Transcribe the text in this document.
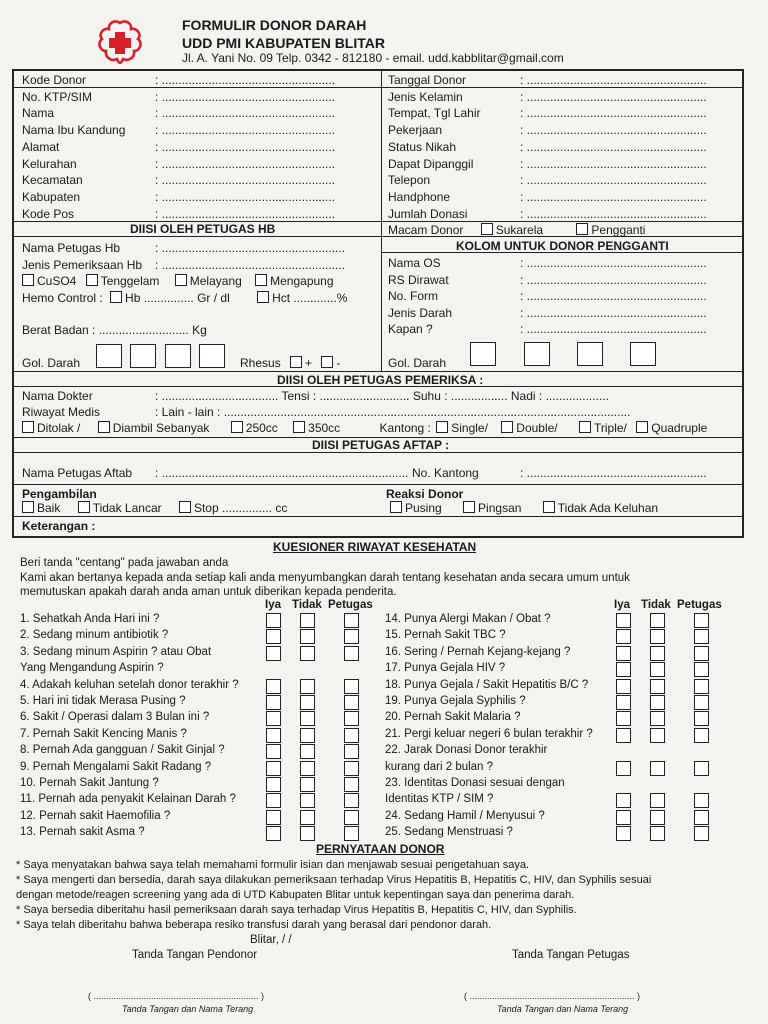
FORMULIR DONOR DARAH
UDD PMI KABUPATEN BLITAR
Jl. A. Yani No. 09 Telp. 0342 - 812180 - email. udd.kabblitar@gmail.com
Kode Donor	: ....................................................
No. KTP/SIM	: ....................................................
Nama	: ....................................................
Nama Ibu Kandung : ....................................................
Alamat	: ....................................................
Kelurahan	: ....................................................
Kecamatan	: ....................................................
Kabupaten	: ....................................................
Kode Pos	: ....................................................
Tanggal Donor	: ......................................................
Jenis Kelamin	: ......................................................
Tempat, Tgl Lahir	: ......................................................
Pekerjaan	: ......................................................
Status Nikah	: ......................................................
Dapat Dipanggil	: ......................................................
Telepon	: ......................................................
Handphone	: ......................................................
Jumlah Donasi	: ......................................................
DIISI OLEH PETUGAS HB
Nama Petugas Hb	: .......................................................
Jenis Pemeriksaan Hb : .......................................................
CuSO4 Tenggelam	Melayang Mengapung
Hemo Control : Hb ............... Gr / dl	Hct .............%
Berat Badan : ........................... Kg
Gol. Darah	Rhesus + -
Macam Donor	Sukarela	Pengganti
KOLOM UNTUK DONOR PENGGANTI
Nama OS	: ......................................................
RS Dirawat	: ......................................................
No. Form	: ......................................................
Jenis Darah	: ......................................................
Kapan ?	: ......................................................
Gol. Darah
DIISI OLEH PETUGAS PEMERIKSA :
Nama Dokter	: ................................... Tensi : ........................... Suhu : ................. Nadi : ...................
Riwayat Medis	: Lain - lain : ..........................................................................................................................
Ditolak /	Diambil Sebanyak	250cc	350cc	Kantong : Single/ Double/	Triple/ Quadruple
DIISI PETUGAS AFTAP :
Nama Petugas Aftab : .......................................................................... No. Kantong	: ......................................................
Pengambilan
Baik	Tidak Lancar	Stop ............... cc
Reaksi Donor
Pusing	Pingsan	Tidak Ada Keluhan
Keterangan :
KUESIONER RIWAYAT KESEHATAN
Beri tanda "centang" pada jawaban anda
Kami akan bertanya kepada anda setiap kali anda menyumbangkan darah tentang kesehatan anda secara umum untuk
memutuskan apakah darah anda aman untuk diberikan kepada penderita.
Iya Tidak Petugas	Iya Tidak Petugas
1. Sehatkah Anda Hari ini ?
2. Sedang minum antibiotik ?
3. Sedang minum Aspirin ? atau Obat
Yang Mengandung Aspirin ?
4. Adakah keluhan setelah donor terakhir ?
5. Hari ini tidak Merasa Pusing ?
6. Sakit / Operasi dalam 3 Bulan ini ?
7. Pernah Sakit Kencing Manis ?
8. Pernah Ada gangguan / Sakit Ginjal ?
9. Pernah Mengalami Sakit Radang ?
10. Pernah Sakit Jantung ?
11. Pernah ada penyakit Kelainan Darah ?
12. Pernah sakit Haemofilia ?
13. Pernah sakit Asma ?
14. Punya Alergi Makan / Obat ?
15. Pernah Sakit TBC ?
16. Sering / Pernah Kejang-kejang ?
17. Punya Gejala HIV ?
18. Punya Gejala / Sakit Hepatitis B/C ?
19. Punya Gejala Syphilis ?
20. Pernah Sakit Malaria ?
21. Pergi keluar negeri 6 bulan terakhir ?
22. Jarak Donasi Donor terakhir
kurang dari 2 bulan ?
23. Identitas Donasi sesuai dengan
Identitas KTP / SIM ?
24. Sedang Hamil / Menyusui ?
25. Sedang Menstruasi ?
PERNYATAAN DONOR
* Saya menyatakan bahwa saya telah memahami formulir isian dan menjawab sesuai pengetahuan saya.
* Saya mengerti dan bersedia, darah saya dilakukan pemeriksaan terhadap Virus Hepatitis B, Hepatitis C, HIV, dan Syphilis sesuai
dengan metode/reagen screening yang ada di UTD Kabupaten Blitar untuk kepentingan saya dan penerima darah.
* Saya bersedia diberitahu hasil pemeriksaan darah saya terhadap Virus Hepatitis B, Hepatitis C, HIV, dan Syphilis.
* Saya telah diberitahu bahwa beberapa resiko transfusi darah yang berasal dari pendonor darah.
Blitar, / /
Tanda Tangan Pendonor	Tanda Tangan Petugas
( .................................................................. )	( .................................................................. )
Tanda Tangan dan Nama Terang	Tanda Tangan dan Nama Terang
